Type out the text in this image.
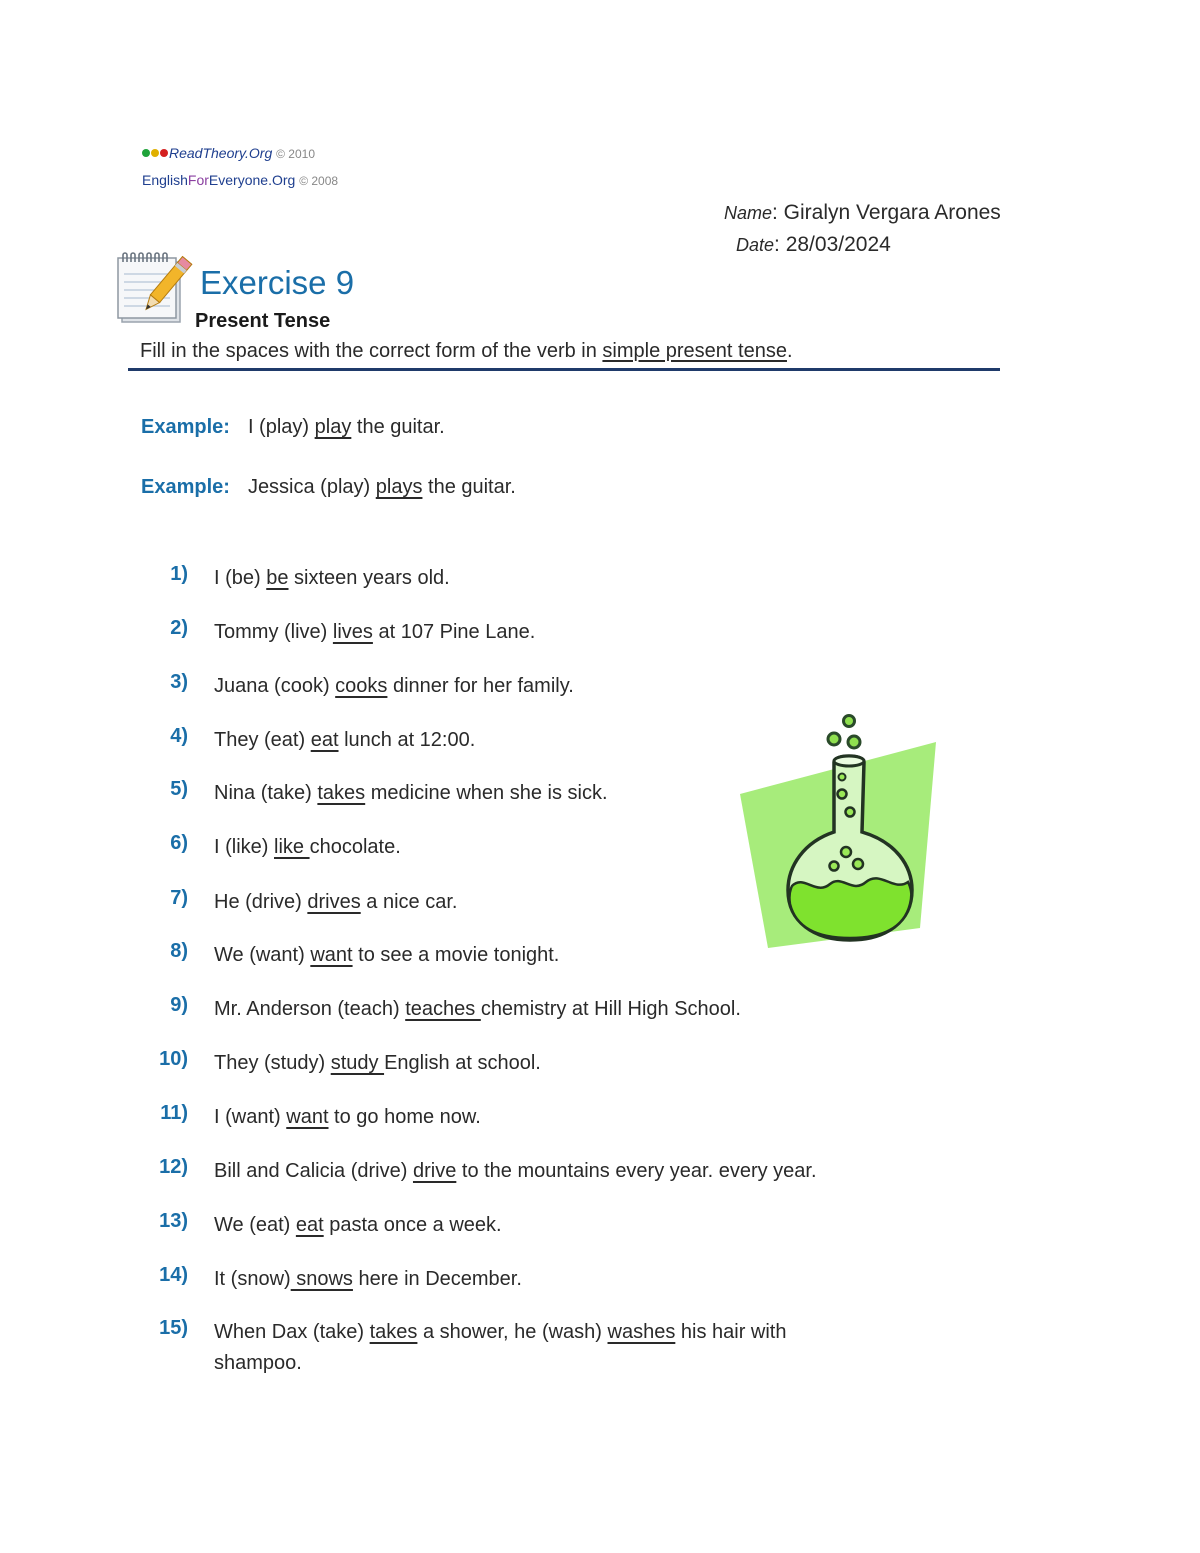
ReadTheory.Org © 2010
EnglishForEveryone.Org © 2008
Name: Giralyn Vergara Arones
Date: 28/03/2024
Exercise 9
Present Tense
Fill in the spaces with the correct form of the verb in simple present tense.
Example: I (play) play the guitar.
Example: Jessica (play) plays the guitar.
1) I (be) be sixteen years old.
2) Tommy (live) lives at 107 Pine Lane.
3) Juana (cook) cooks dinner for her family.
4) They (eat) eat lunch at 12:00.
5) Nina (take) takes medicine when she is sick.
6) I (like) like chocolate.
7) He (drive) drives a nice car.
8) We (want) want to see a movie tonight.
9) Mr. Anderson (teach) teaches chemistry at Hill High School.
10) They (study) study English at school.
11) I (want) want to go home now.
12) Bill and Calicia (drive) drive to the mountains every year. every year.
13) We (eat) eat pasta once a week.
14) It (snow) snows here in December.
15) When Dax (take) takes a shower, he (wash) washes his hair with
shampoo.
